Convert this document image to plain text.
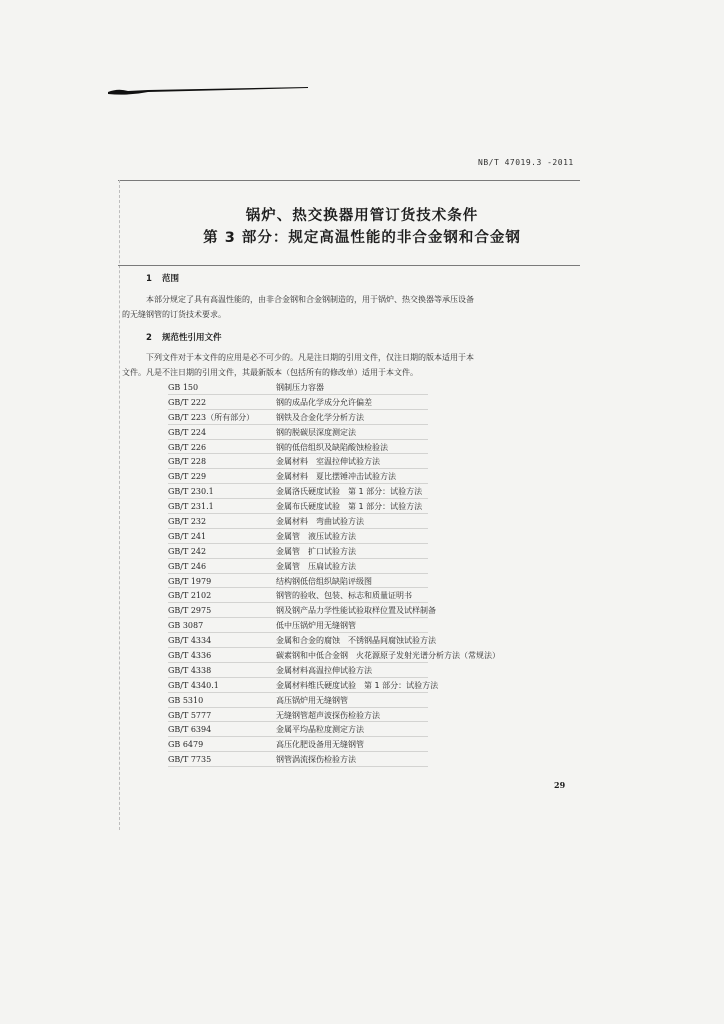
NB/T 47019.3 -2011
锅炉、热交换器用管订货技术条件
第 3 部分：规定高温性能的非合金钢和合金钢
1 范围
本部分规定了具有高温性能的，由非合金钢和合金钢制造的，用于锅炉、热交换器等承压设备
的无缝钢管的订货技术要求。
2 规范性引用文件
下列文件对于本文件的应用是必不可少的。凡是注日期的引用文件，仅注日期的版本适用于本
文件。凡是不注日期的引用文件，其最新版本（包括所有的修改单）适用于本文件。
GB 150	钢制压力容器
GB/T 222	钢的成品化学成分允许偏差
GB/T 223（所有部分）	钢铁及合金化学分析方法
GB/T 224	钢的脱碳层深度测定法
GB/T 226	钢的低倍组织及缺陷酸蚀检验法
GB/T 228	金属材料　室温拉伸试验方法
GB/T 229	金属材料　夏比摆锤冲击试验方法
GB/T 230.1	金属洛氏硬度试验　第 1 部分：试验方法
GB/T 231.1	金属布氏硬度试验　第 1 部分：试验方法
GB/T 232	金属材料　弯曲试验方法
GB/T 241	金属管　液压试验方法
GB/T 242	金属管　扩口试验方法
GB/T 246	金属管　压扁试验方法
GB/T 1979	结构钢低倍组织缺陷评级图
GB/T 2102	钢管的验收、包装、标志和质量证明书
GB/T 2975	钢及钢产品力学性能试验取样位置及试样制备
GB 3087	低中压锅炉用无缝钢管
GB/T 4334	金属和合金的腐蚀　不锈钢晶间腐蚀试验方法
GB/T 4336	碳素钢和中低合金钢　火花源原子发射光谱分析方法（常规法）
GB/T 4338	金属材料高温拉伸试验方法
GB/T 4340.1	金属材料维氏硬度试验　第 1 部分：试验方法
GB 5310	高压锅炉用无缝钢管
GB/T 5777	无缝钢管超声波探伤检验方法
GB/T 6394	金属平均晶粒度测定方法
GB 6479	高压化肥设备用无缝钢管
GB/T 7735	钢管涡流探伤检验方法
29
